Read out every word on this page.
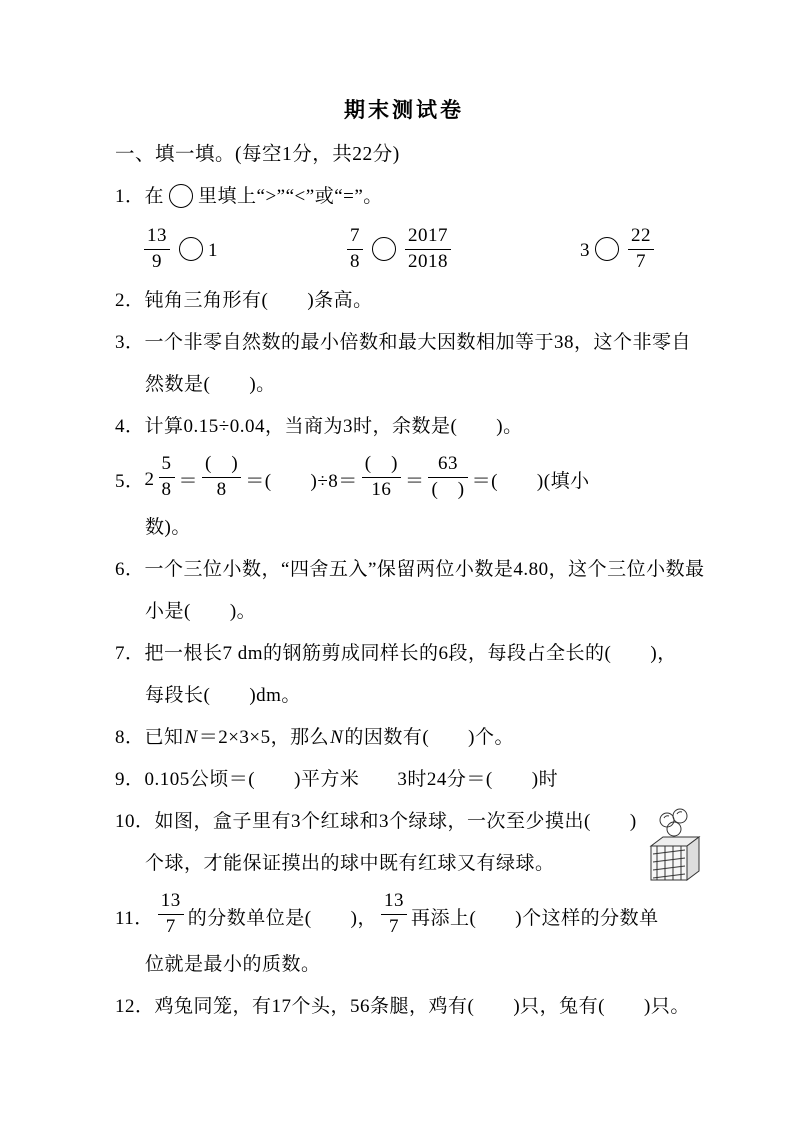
期末测试卷
一、填一填。(每空1分，共22分)
1．在 里填上“>”“<”或“=”。
$\frac{13}{9} 1$	$\frac{7}{8} \frac{2017}{2018}$	$3 \frac{22}{7}$
2．钝角三角形有(　　)条高。
3．一个非零自然数的最小倍数和最大因数相加等于38，这个非零自
然数是(　　)。
4．计算0.15÷0.04，当商为3时，余数是(　　)。
5． $2 \frac{5}{8} = \frac{( )}{8}$ ＝(　　)$\div 8= \frac{( )}{16} = \frac{63}{( )}$ ＝(　　)(填小
数)。
6．一个三位小数，“四舍五入”保留两位小数是4.80，这个三位小数最
小是(　　)。
7．把一根长7 dm的钢筋剪成同样长的6段，每段占全长的(　　)，
每段长(　　)dm。
8．已知N＝2×3×5，那么N的因数有(　　)个。
9．0.105公顷＝(　　)平方米 3时24分＝(　　)时
10．如图，盒子里有3个红球和3个绿球，一次至少摸出(　　)
个球，才能保证摸出的球中既有红球又有绿球。
11． $\frac{13}{7}$ 的分数单位是(　　)， $\frac{13}{7}$ 再添上(　　)个这样的分数单
位就是最小的质数。
12．鸡兔同笼，有17个头，56条腿，鸡有(　　)只，兔有(　　)只。
